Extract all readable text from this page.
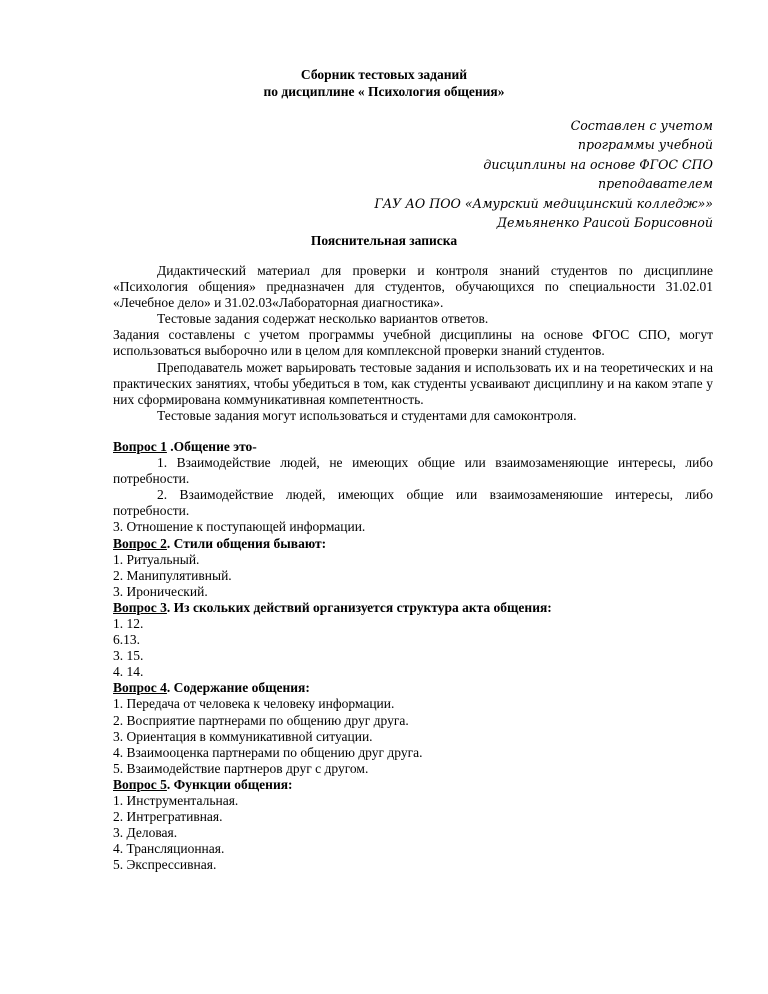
Сборник тестовых заданий
по дисциплине « Психология общения»
Составлен с учетом
программы учебной
дисциплины на основе ФГОС СПО
преподавателем
ГАУ АО ПОО «Амурский медицинский колледж»»
Демьяненко Раисой Борисовной
Пояснительная записка

Дидактический материал для проверки и контроля знаний студентов по дисциплине «Психология общения» предназначен для студентов, обучающихся по специальности 31.02.01 «Лечебное дело» и 31.02.03«Лабораторная диагностика».

Тестовые задания содержат несколько вариантов ответов.

Задания составлены с учетом программы учебной дисциплины на основе ФГОС СПО, могут использоваться выборочно или в целом для комплексной проверки знаний студентов.

Преподаватель может варьировать тестовые задания и использовать их и на теоретических и на практических занятиях, чтобы убедиться в том, как студенты усваивают дисциплину и на каком этапе у них сформирована коммуникативная компетентность.

Тестовые задания могут использоваться и студентами для самоконтроля.

Вопрос 1 .Общение это-

1. Взаимодействие людей, не имеющих общие или взаимозаменяющие интересы, либо потребности.

2. Взаимодействие людей, имеющих общие или взаимозаменяюшие интересы, либо потребности.

3. Отношение к поступающей информации.

Вопрос 2. Стили общения бывают:

1. Ритуальный.

2. Манипулятивный.

3. Иронический.

Вопрос 3. Из скольких действий организуется структура акта общения:

1. 12.

6.13.

3. 15.

4. 14.

Вопрос 4. Содержание общения:

1. Передача от человека к человеку информации.

2. Восприятие партнерами по общению друг друга.

3. Ориентация в коммуникативной ситуации.

4. Взаимооценка партнерами по общению друг друга.

5. Взаимодействие партнеров друг с другом.

Вопрос 5. Функции общения:

1. Инструментальная.

2. Интрегративная.

3. Деловая.

4. Трансляционная.

5. Экспрессивная.
